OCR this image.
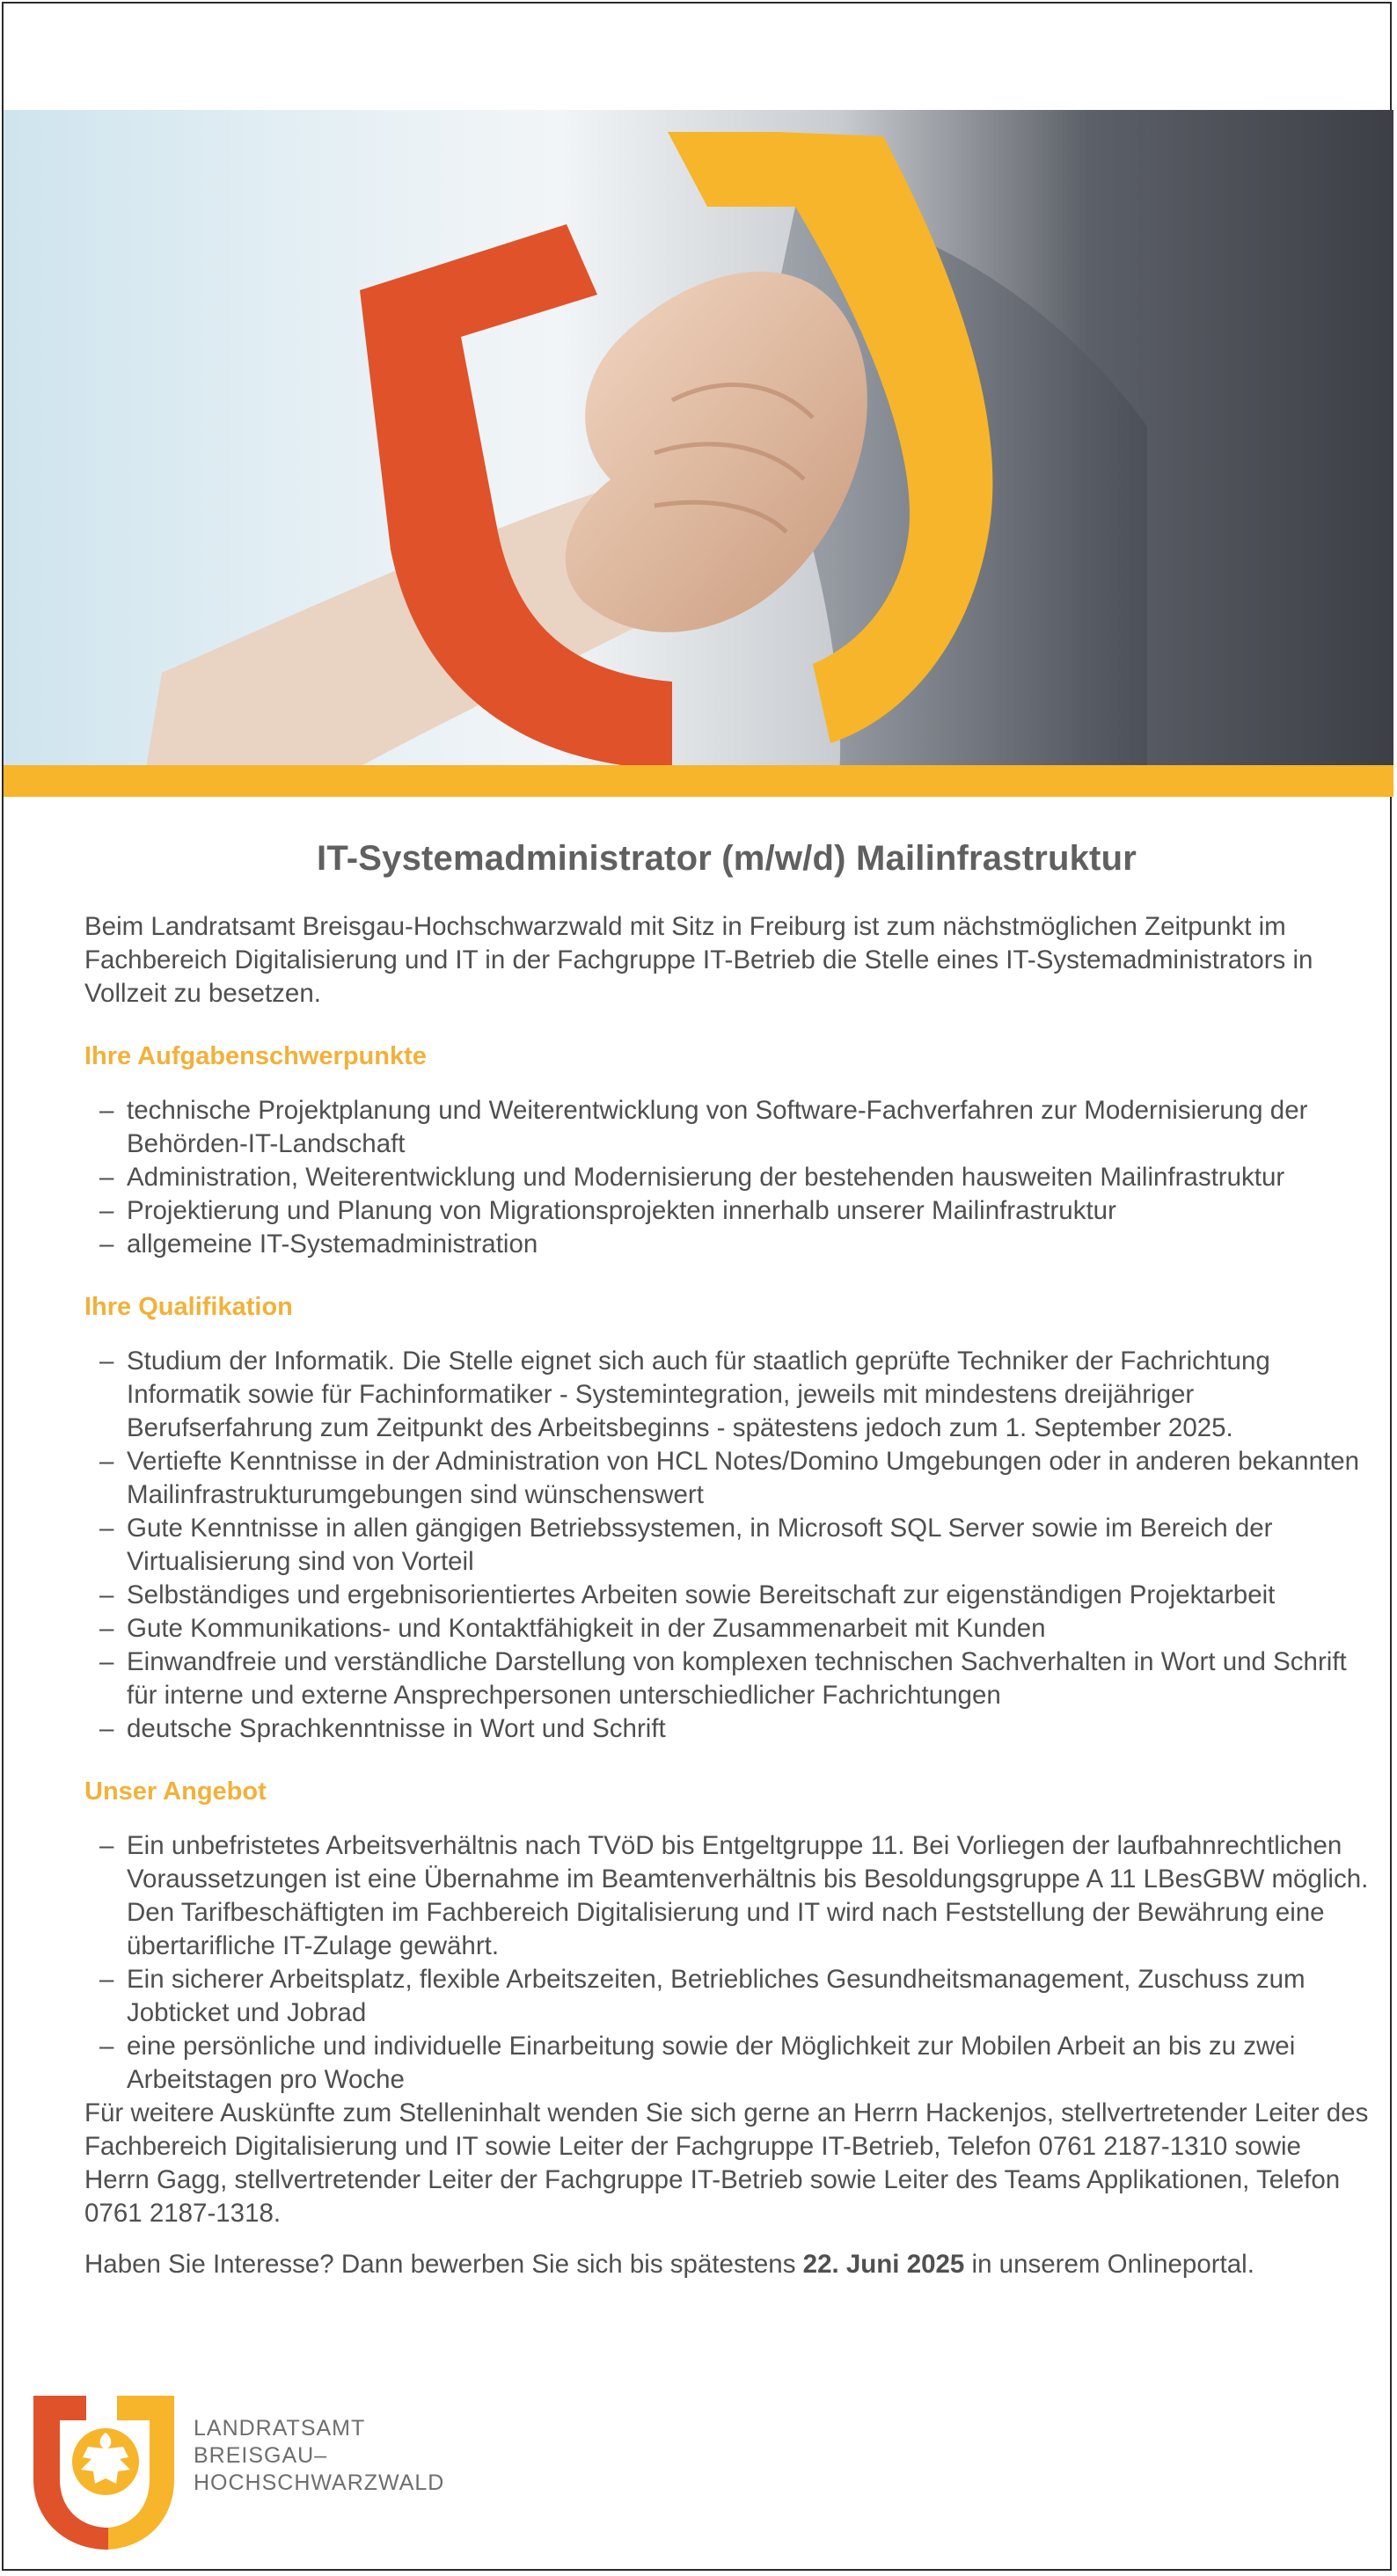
IT-Systemadministrator (m/w/d) Mailinfrastruktur

Beim Landratsamt Breisgau-Hochschwarzwald mit Sitz in Freiburg ist zum nächstmöglichen Zeitpunkt im Fachbereich Digitalisierung und IT in der Fachgruppe IT-Betrieb die Stelle eines IT-Systemadministrators in Vollzeit zu besetzen.

Ihre Aufgabenschwerpunkte
– technische Projektplanung und Weiterentwicklung von Software-Fachverfahren zur Modernisierung der Behörden-IT-Landschaft
– Administration, Weiterentwicklung und Modernisierung der bestehenden hausweiten Mailinfrastruktur
– Projektierung und Planung von Migrationsprojekten innerhalb unserer Mailinfrastruktur
– allgemeine IT-Systemadministration
Ihre Qualifikation
– Studium der Informatik. Die Stelle eignet sich auch für staatlich geprüfte Techniker der Fachrichtung Informatik sowie für Fachinformatiker - Systemintegration, jeweils mit mindestens dreijähriger Berufserfahrung zum Zeitpunkt des Arbeitsbeginns - spätestens jedoch zum 1. September 2025.
– Vertiefte Kenntnisse in der Administration von HCL Notes/Domino Umgebungen oder in anderen bekannten Mailinfrastrukturumgebungen sind wünschenswert
– Gute Kenntnisse in allen gängigen Betriebssystemen, in Microsoft SQL Server sowie im Bereich der Virtualisierung sind von Vorteil
– Selbständiges und ergebnisorientiertes Arbeiten sowie Bereitschaft zur eigenständigen Projektarbeit
– Gute Kommunikations- und Kontaktfähigkeit in der Zusammenarbeit mit Kunden
– Einwandfreie und verständliche Darstellung von komplexen technischen Sachverhalten in Wort und Schrift für interne und externe Ansprechpersonen unterschiedlicher Fachrichtungen
– deutsche Sprachkenntnisse in Wort und Schrift
Unser Angebot
– Ein unbefristetes Arbeitsverhältnis nach TVöD bis Entgeltgruppe 11. Bei Vorliegen der laufbahnrechtlichen Voraussetzungen ist eine Übernahme im Beamtenverhältnis bis Besoldungsgruppe A 11 LBesGBW möglich. Den Tarifbeschäftigten im Fachbereich Digitalisierung und IT wird nach Feststellung der Bewährung eine übertarifliche IT-Zulage gewährt.
– Ein sicherer Arbeitsplatz, flexible Arbeitszeiten, Betriebliches Gesundheitsmanagement, Zuschuss zum Jobticket und Jobrad
– eine persönliche und individuelle Einarbeitung sowie der Möglichkeit zur Mobilen Arbeit an bis zu zwei Arbeitstagen pro Woche

Für weitere Auskünfte zum Stelleninhalt wenden Sie sich gerne an Herrn Hackenjos, stellvertretender Leiter des Fachbereich Digitalisierung und IT sowie Leiter der Fachgruppe IT-Betrieb, Telefon 0761 2187-1310 sowie Herrn Gagg, stellvertretender Leiter der Fachgruppe IT-Betrieb sowie Leiter des Teams Applikationen, Telefon 0761 2187-1318.

Haben Sie Interesse? Dann bewerben Sie sich bis spätestens 22. Juni 2025 in unserem Onlineportal.

LANDRATSAMT
BREISGAU–
HOCHSCHWARZWALD
